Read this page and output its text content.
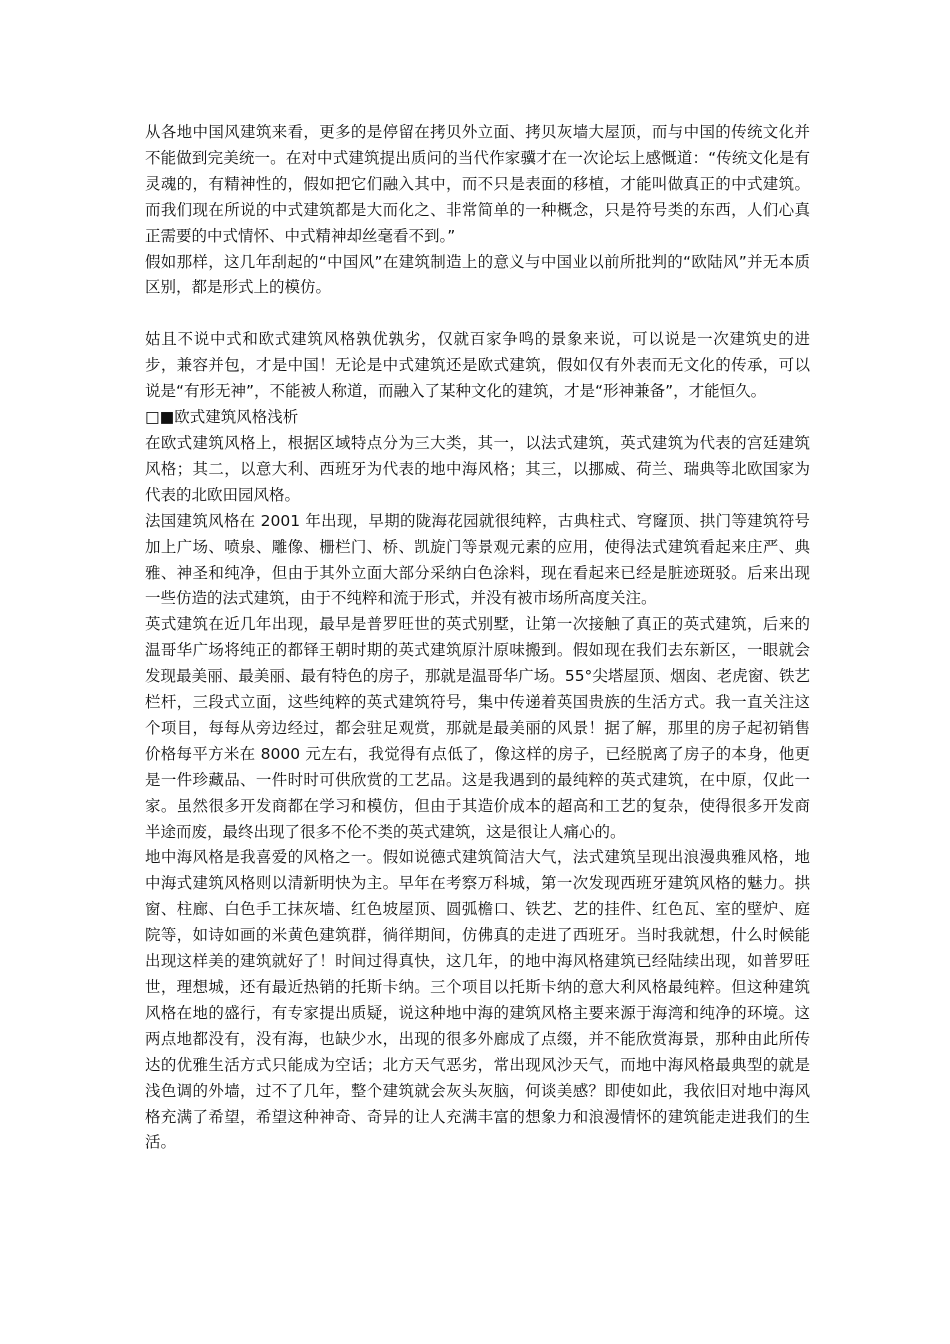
从各地中国风建筑来看，更多的是停留在拷贝外立面、拷贝灰墙大屋顶，而与中国的传统文化并不能做到完美统一。在对中式建筑提出质问的当代作家骥才在一次论坛上感慨道：“传统文化是有灵魂的，有精神性的，假如把它们融入其中，而不只是表面的移植，才能叫做真正的中式建筑。而我们现在所说的中式建筑都是大而化之、非常简单的一种概念，只是符号类的东西，人们心真正需要的中式情怀、中式精神却丝毫看不到。”

假如那样，这几年刮起的“中国风”在建筑制造上的意义与中国业以前所批判的“欧陆风”并无本质区别，都是形式上的模仿。

姑且不说中式和欧式建筑风格孰优孰劣，仅就百家争鸣的景象来说，可以说是一次建筑史的进步，兼容并包，才是中国！无论是中式建筑还是欧式建筑，假如仅有外表而无文化的传承，可以说是“有形无神”，不能被人称道，而融入了某种文化的建筑，才是“形神兼备”，才能恒久。

□■欧式建筑风格浅析

在欧式建筑风格上，根据区域特点分为三大类，其一，以法式建筑，英式建筑为代表的宫廷建筑风格；其二，以意大利、西班牙为代表的地中海风格；其三，以挪威、荷兰、瑞典等北欧国家为代表的北欧田园风格。

法国建筑风格在 2001 年出现，早期的陇海花园就很纯粹，古典柱式、穹窿顶、拱门等建筑符号加上广场、喷泉、雕像、栅栏门、桥、凯旋门等景观元素的应用，使得法式建筑看起来庄严、典雅、神圣和纯净，但由于其外立面大部分采纳白色涂料，现在看起来已经是脏迹斑驳。后来出现一些仿造的法式建筑，由于不纯粹和流于形式，并没有被市场所高度关注。

英式建筑在近几年出现，最早是普罗旺世的英式别墅，让第一次接触了真正的英式建筑，后来的温哥华广场将纯正的都铎王朝时期的英式建筑原汁原味搬到。假如现在我们去东新区，一眼就会发现最美丽、最美丽、最有特色的房子，那就是温哥华广场。55°尖塔屋顶、烟囱、老虎窗、铁艺栏杆，三段式立面，这些纯粹的英式建筑符号，集中传递着英国贵族的生活方式。我一直关注这个项目，每每从旁边经过，都会驻足观赏，那就是最美丽的风景！据了解，那里的房子起初销售价格每平方米在 8000 元左右，我觉得有点低了，像这样的房子，已经脱离了房子的本身，他更是一件珍藏品、一件时时可供欣赏的工艺品。这是我遇到的最纯粹的英式建筑，在中原，仅此一家。虽然很多开发商都在学习和模仿，但由于其造价成本的超高和工艺的复杂，使得很多开发商半途而废，最终出现了很多不伦不类的英式建筑，这是很让人痛心的。

地中海风格是我喜爱的风格之一。假如说德式建筑简洁大气，法式建筑呈现出浪漫典雅风格，地中海式建筑风格则以清新明快为主。早年在考察万科城，第一次发现西班牙建筑风格的魅力。拱窗、柱廊、白色手工抹灰墙、红色坡屋顶、圆弧檐口、铁艺、艺的挂件、红色瓦、室的壁炉、庭院等，如诗如画的米黄色建筑群，徜徉期间，仿佛真的走进了西班牙。当时我就想，什么时候能出现这样美的建筑就好了！时间过得真快，这几年，的地中海风格建筑已经陆续出现，如普罗旺世，理想城，还有最近热销的托斯卡纳。三个项目以托斯卡纳的意大利风格最纯粹。但这种建筑风格在地的盛行，有专家提出质疑，说这种地中海的建筑风格主要来源于海湾和纯净的环境。这两点地都没有，没有海，也缺少水，出现的很多外廊成了点缀，并不能欣赏海景，那种由此所传达的优雅生活方式只能成为空话；北方天气恶劣，常出现风沙天气，而地中海风格最典型的就是浅色调的外墙，过不了几年，整个建筑就会灰头灰脑，何谈美感？即使如此，我依旧对地中海风格充满了希望，希望这种神奇、奇异的让人充满丰富的想象力和浪漫情怀的建筑能走进我们的生活。
